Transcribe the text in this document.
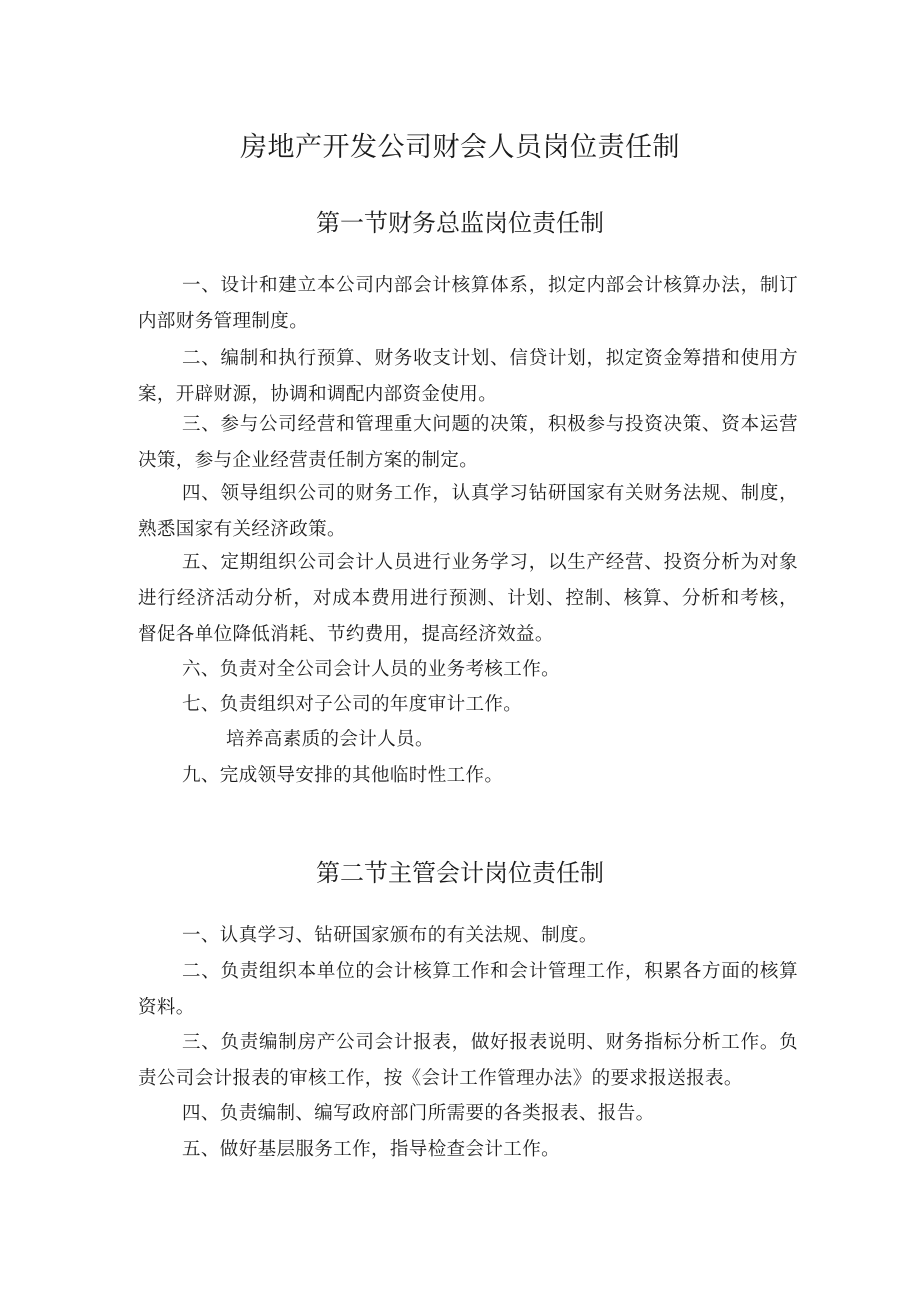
房地产开发公司财会人员岗位责任制
第一节财务总监岗位责任制

一、设计和建立本公司内部会计核算体系，拟定内部会计核算办法，制订内部财务管理制度。

二、编制和执行预算、财务收支计划、信贷计划，拟定资金筹措和使用方案，开辟财源，协调和调配内部资金使用。

三、参与公司经营和管理重大问题的决策，积极参与投资决策、资本运营决策，参与企业经营责任制方案的制定。

四、领导组织公司的财务工作，认真学习钻研国家有关财务法规、制度，熟悉国家有关经济政策。

五、定期组织公司会计人员进行业务学习，以生产经营、投资分析为对象进行经济活动分析，对成本费用进行预测、计划、控制、核算、分析和考核，督促各单位降低消耗、节约费用，提高经济效益。

六、负责对全公司会计人员的业务考核工作。

七、负责组织对子公司的年度审计工作。

培养高素质的会计人员。

九、完成领导安排的其他临时性工作。

第二节主管会计岗位责任制

一、认真学习、钻研国家颁布的有关法规、制度。

二、负责组织本单位的会计核算工作和会计管理工作，积累各方面的核算资料。

三、负责编制房产公司会计报表，做好报表说明、财务指标分析工作。负责公司会计报表的审核工作，按《会计工作管理办法》的要求报送报表。

四、负责编制、编写政府部门所需要的各类报表、报告。

五、做好基层服务工作，指导检查会计工作。
